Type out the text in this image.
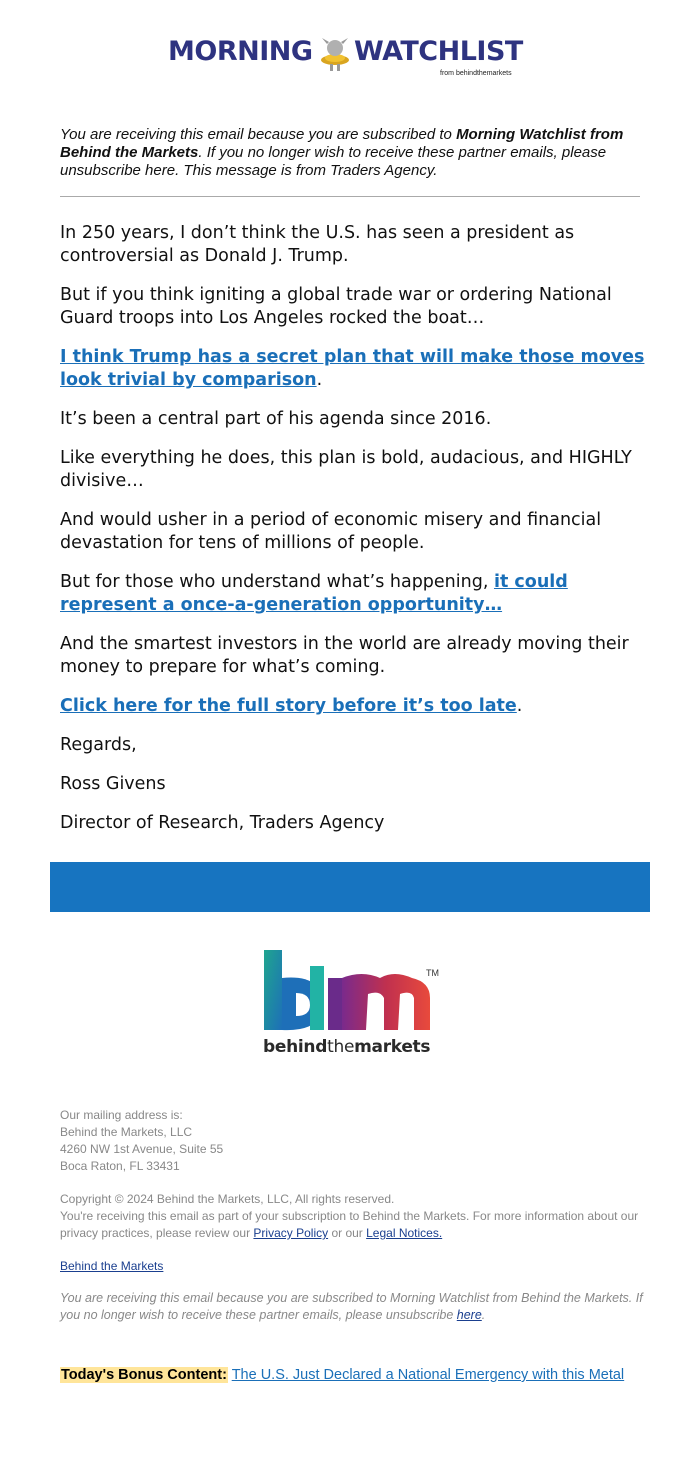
MORNING WATCHLIST
from behindthemarkets
You are receiving this email because you are subscribed to Morning Watchlist from Behind the Markets. If you no longer wish to receive these partner emails, please unsubscribe here. This message is from Traders Agency.

In 250 years, I don’t think the U.S. has seen a president as controversial as Donald J. Trump.

But if you think igniting a global trade war or ordering National Guard troops into Los Angeles rocked the boat…

I think Trump has a secret plan that will make those moves look trivial by comparison.

It’s been a central part of his agenda since 2016.

Like everything he does, this plan is bold, audacious, and HIGHLY divisive…

And would usher in a period of economic misery and financial devastation for tens of millions of people.

But for those who understand what’s happening, it could represent a once-a-generation opportunity…

And the smartest investors in the world are already moving their money to prepare for what’s coming.

Click here for the full story before it’s too late.

Regards,

Ross Givens

Director of Research, Traders Agency

TM
behindthemarkets
Our mailing address is:
Behind the Markets, LLC
4260 NW 1st Avenue, Suite 55
Boca Raton, FL 33431
Copyright © 2024 Behind the Markets, LLC, All rights reserved.
You're receiving this email as part of your subscription to Behind the Markets. For more information about our privacy practices, please review our Privacy Policy or our Legal Notices.
Behind the Markets
You are receiving this email because you are subscribed to Morning Watchlist from Behind the Markets. If you no longer wish to receive these partner emails, please unsubscribe here.
Today's Bonus Content: The U.S. Just Declared a National Emergency with this Metal
